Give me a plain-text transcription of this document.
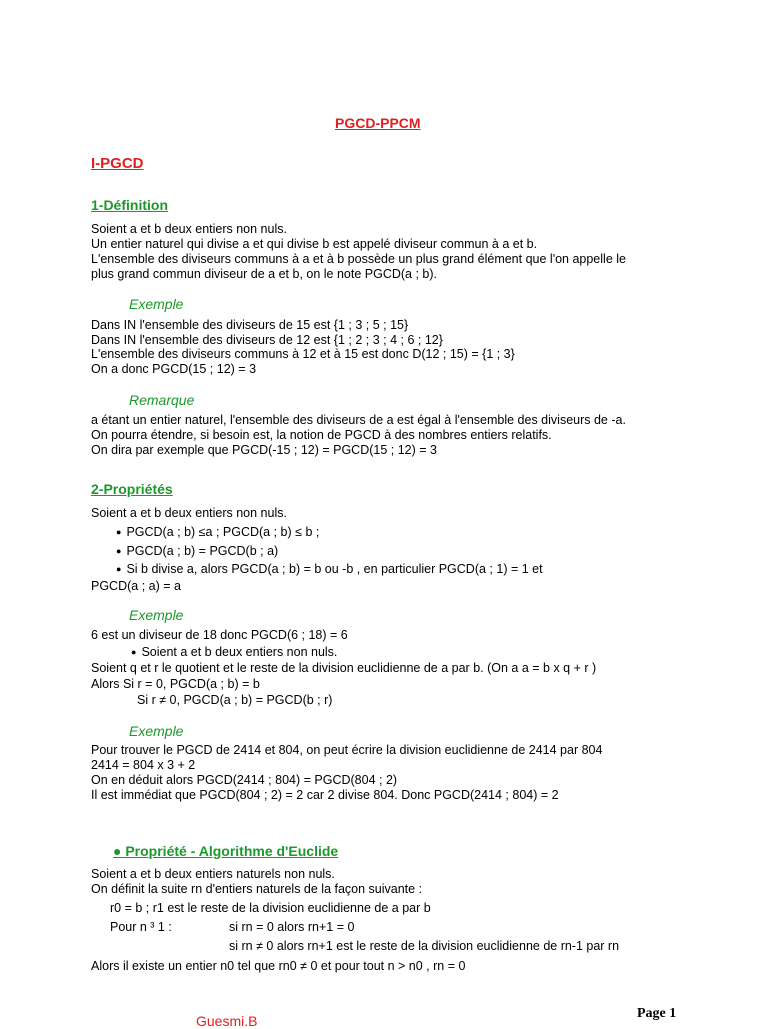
PGCD-PPCM
I-PGCD
1-Définition
Soient a et b deux entiers non nuls.
Un entier naturel qui divise a et qui divise b est appelé diviseur commun à a et b.
L'ensemble des diviseurs communs à a et à b possède un plus grand élément que l'on appelle le
plus grand commun diviseur de a et b, on le note PGCD(a ; b).
Exemple
Dans IN l'ensemble des diviseurs de 15 est {1 ; 3 ; 5 ; 15}
Dans IN l'ensemble des diviseurs de 12 est {1 ; 2 ; 3 ; 4 ; 6 ; 12}
L'ensemble des diviseurs communs à 12 et à 15 est donc D(12 ; 15) = {1 ; 3}
On a donc PGCD(15 ; 12) = 3
Remarque
a étant un entier naturel, l'ensemble des diviseurs de a est égal à l'ensemble des diviseurs de -a.
On pourra étendre, si besoin est, la notion de PGCD à des nombres entiers relatifs.
On dira par exemple que PGCD(-15 ; 12) = PGCD(15 ; 12) = 3
2-Propriétés
Soient a et b deux entiers non nuls.
● PGCD(a ; b) ≤a ; PGCD(a ; b) ≤ b ;
● PGCD(a ; b) = PGCD(b ; a)
● Si b divise a, alors PGCD(a ; b) = b ou -b , en particulier PGCD(a ; 1) = 1 et
PGCD(a ; a) = a
Exemple
6 est un diviseur de 18 donc PGCD(6 ; 18) = 6
● Soient a et b deux entiers non nuls.
Soient q et r le quotient et le reste de la division euclidienne de a par b. (On a a = b x q + r )
Alors Si r = 0, PGCD(a ; b) = b
Si r ≠ 0, PGCD(a ; b) = PGCD(b ; r)
Exemple
Pour trouver le PGCD de 2414 et 804, on peut écrire la division euclidienne de 2414 par 804
2414 = 804 x 3 + 2
On en déduit alors PGCD(2414 ; 804) = PGCD(804 ; 2)
Il est immédiat que PGCD(804 ; 2) = 2 car 2 divise 804. Donc PGCD(2414 ; 804) = 2
● Propriété - Algorithme d'Euclide
Soient a et b deux entiers naturels non nuls.
On définit la suite rn d'entiers naturels de la façon suivante :
r0 = b ; r1 est le reste de la division euclidienne de a par b
Pour n ³ 1 :	si rn = 0 alors rn+1 = 0
si rn ≠ 0 alors rn+1 est le reste de la division euclidienne de rn-1 par rn
Alors il existe un entier n0 tel que rn0 ≠ 0 et pour tout n > n0 , rn = 0
Page 1
Guesmi.B
